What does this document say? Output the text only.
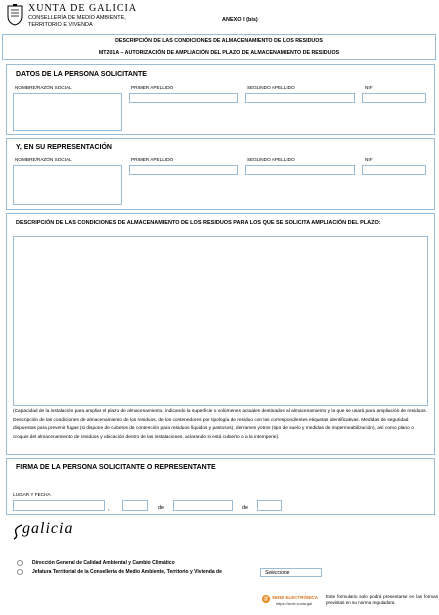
XUNTA DE GALICIA
CONSELLERÍA DE MEDIO AMBIENTE,
TERRITORIO E VIVENDA
ANEXO I (bis)
DESCRIPCIÓN DE LAS CONDICIONES DE ALMACENAMIENTO DE LOS RESIDUOS
MT201A – AUTORIZACIÓN DE AMPLIACIÓN DEL PLAZO DE ALMACENAMIENTO DE RESIDUOS
DATOS DE LA PERSONA SOLICITANTE
NOMBRE/RAZÓN SOCIAL	PRIMER APELLIDO	SEGUNDO APELLIDO	NIF
Y, EN SU REPRESENTACIÓN
NOMBRE/RAZÓN SOCIAL	PRIMER APELLIDO	SEGUNDO APELLIDO	NIF
DESCRIPCIÓN DE LAS CONDICIONES DE ALMACENAMIENTO DE LOS RESIDUOS PARA LOS QUE SE SOLICITA AMPLIACIÓN DEL PLAZO:
(Capacidad de la instalación para ampliar el plazo de almacenamiento, indicando la superficie o volúmenes actuales destinados al almacenamiento y la que se usará para ampliación de residuos. Descripción de las condiciones de almacenamiento de los residuos, de los contenedores por tipología de residuo con las correspondientes etiquetas identificativas. Medidas de seguridad dispuestas para prevenir fugas (si dispone de cubetos de contención para residuos líquidos y pastosos), derrames yotros (tipo de suelo y medidas de impermeabilización), así como plano o croquis del almacenamiento de residuos y ubicación dentro de las instalaciones, aclarando si está cubierto o a la intemperie).
FIRMA DE LA PERSONA SOLICITANTE O REPRESENTANTE
LUGAR Y FECHA
,	de	de
galicia
Dirección General de Calidad Ambiental y Cambio Climático
Jefatura Territorial de la Consellería de Medio Ambiente, Territorio y Vivienda de	Seleccione
@ SEDE ELECTRÓNICA
https://sede.xunta.gal
Este formulario solo podrá presentarse en las formas previstas en su norma reguladora
